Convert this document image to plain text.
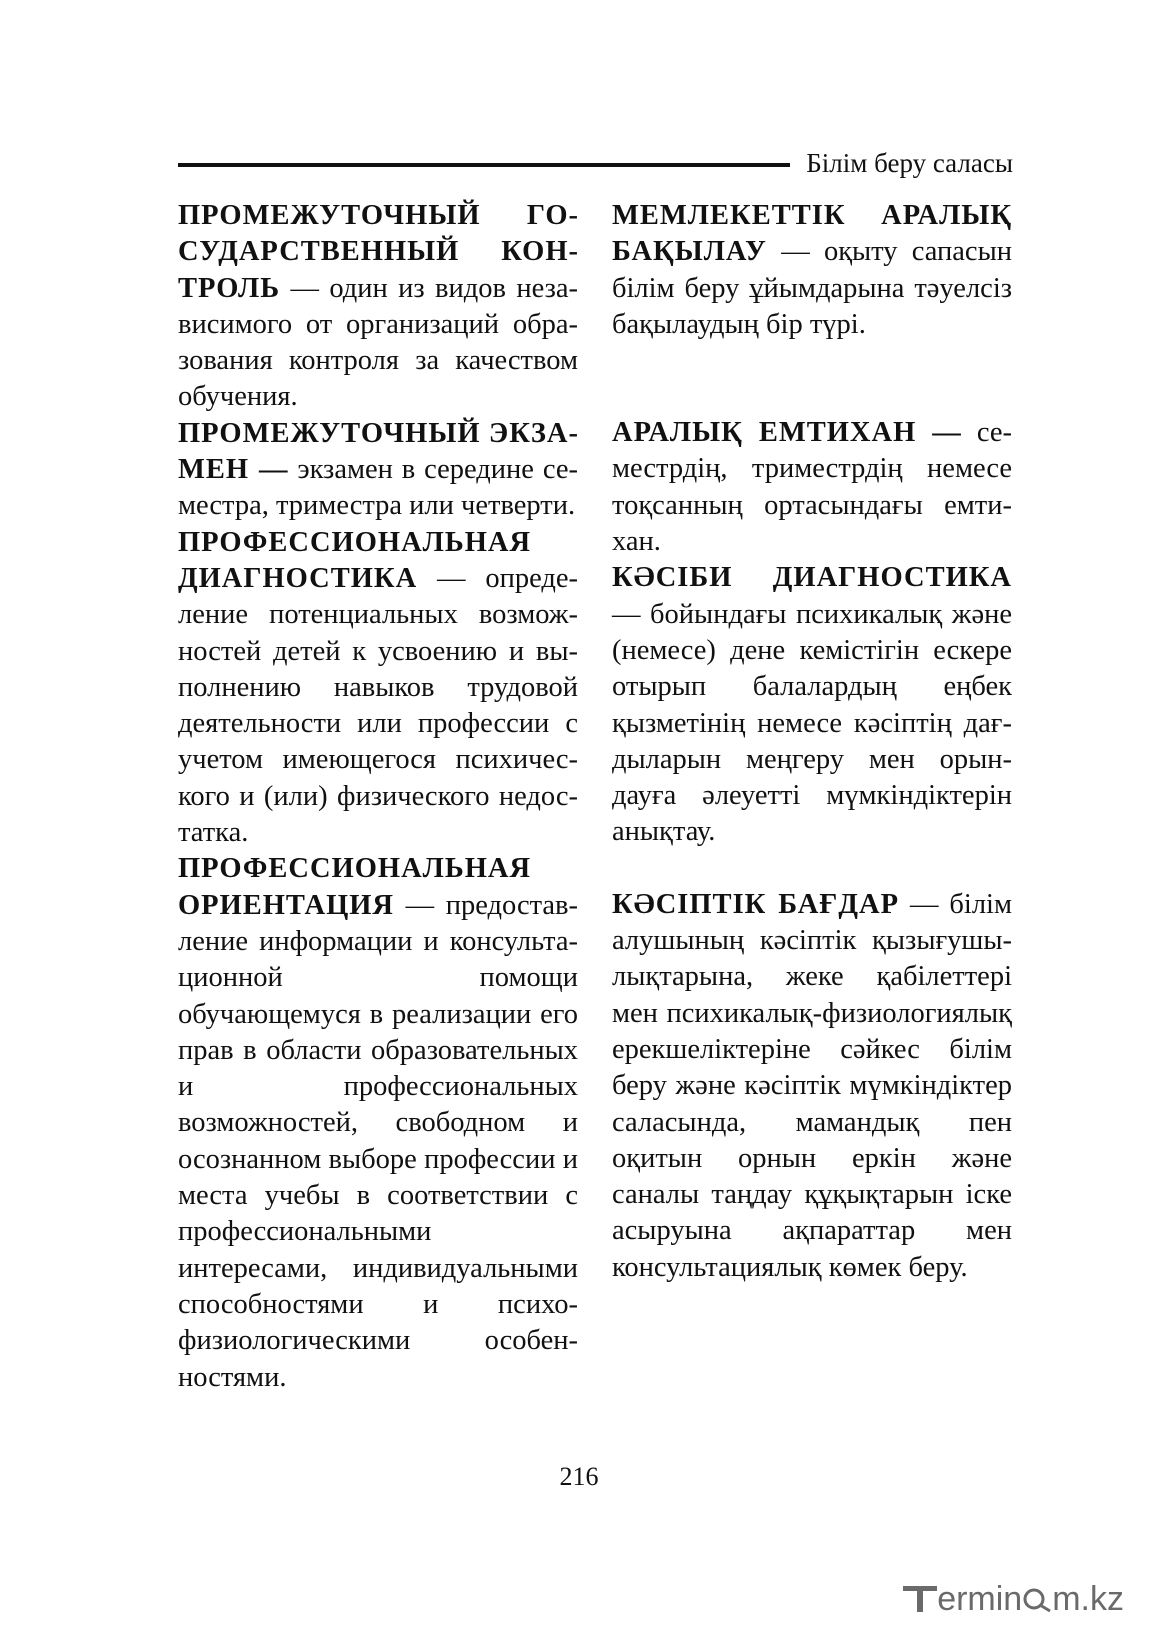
Білім беру саласы

ПРОМЕЖУТОЧНЫЙ ГОСУДАРСТВЕННЫЙ КОНТРОЛЬ — один из видов независимого от организаций образования контроля за качеством обучения.

ПРОМЕЖУТОЧНЫЙ ЭКЗАМЕН — экзамен в середине семестра, триместра или четверти.

ПРОФЕССИОНАЛЬНАЯ ДИАГНОСТИКА — определение потенциальных возможностей детей к усвоению и выполнению навыков трудовой деятельности или профессии с учетом имеющегося психического и (или) физического недостатка.

ПРОФЕССИОНАЛЬНАЯ ОРИЕНТАЦИЯ — предоставление информации и консультационной помощи обучающемуся в реализации его прав в области образовательных и профессиональных возможностей, свободном и осознанном выборе профессии и места учебы в соответствии с профессиональными интересами, индивидуальными способностями и психофизиологическими особенностями.

МЕМЛЕКЕТТІК АРАЛЫҚ БАҚЫЛАУ — оқыту сапасын білім беру ұйымдарына тәуелсіз бақылаудың бір түрі.

АРАЛЫҚ ЕМТИХАН — семестрдің, триместрдің немесе тоқсанның ортасындағы емтихан.

КӘСІБИ ДИАГНОСТИКА — бойындағы психикалық және (немесе) дене кемістігін ескере отырып балалардың еңбек қызметінің немесе кәсіптің дағдыларын меңгеру мен орындауға әлеуетті мүмкіндіктерін анықтау.

КӘСІПТІК БАҒДАР — білім алушының кәсіптік қызығушылықтарына, жеке қабілеттері мен психикалық-физиологиялық ерекшеліктеріне сәйкес білім беру және кәсіптік мүмкіндіктер саласында, мамандық пен оқитын орнын еркін және саналы таңдау құқықтарын іске асыруына ақпараттар мен консультациялық көмек беру.

216
ermin m.kz
